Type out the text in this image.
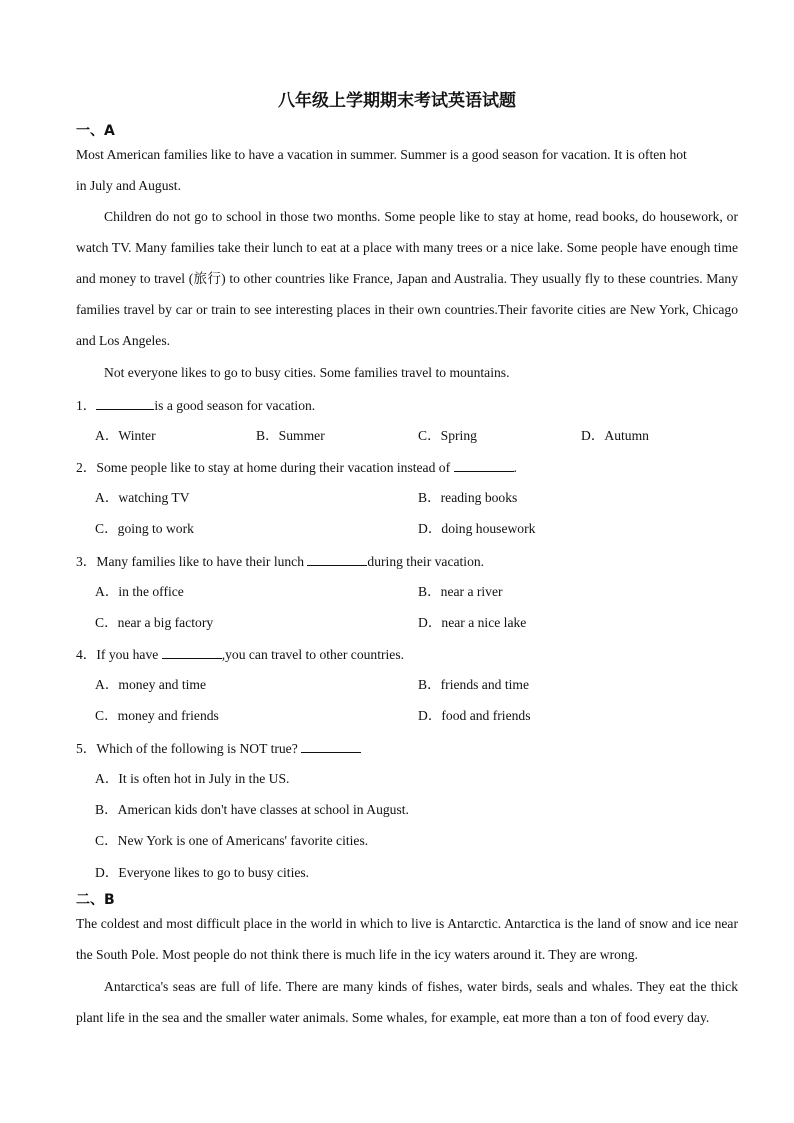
八年级上学期期末考试英语试题
一、A
Most American families like to have a vacation in summer. Summer is a good season for vacation. It is often hot
in July and August.

Children do not go to school in those two months. Some people like to stay at home, read books, do housework, or watch TV. Many families take their lunch to eat at a place with many trees or a nice lake. Some people have enough time and money to travel (旅行) to other countries like France, Japan and Australia. They usually fly to these countries. Many families travel by car or train to see interesting places in their own countries.Their favorite cities are New York, Chicago and Los Angeles.

Not everyone likes to go to busy cities. Some families travel to mountains.

1．	is a good season for vacation.
A．Winter	B．Summer	C．Spring	D．Autumn
2．Some people like to stay at home during their vacation instead of	.
A．watching TV	B．reading books
C．going to work	D．doing housework
3．Many families like to have their lunch	during their vacation.
A．in the office	B．near a river
C．near a big factory	D．near a nice lake
4．If you have	,you can travel to other countries.
A．money and time	B．friends and time
C．money and friends	D．food and friends
5．Which of the following is NOT true?
A．It is often hot in July in the US.
B．American kids don't have classes at school in August.
C．New York is one of Americans' favorite cities.
D．Everyone likes to go to busy cities.
二、B

The coldest and most difficult place in the world in which to live is Antarctic. Antarctica is the land of snow and ice near the South Pole. Most people do not think there is much life in the icy waters around it. They are wrong.

Antarctica's seas are full of life. There are many kinds of fishes, water birds, seals and whales. They eat the thick plant life in the sea and the smaller water animals. Some whales, for example, eat more than a ton of food every day.
